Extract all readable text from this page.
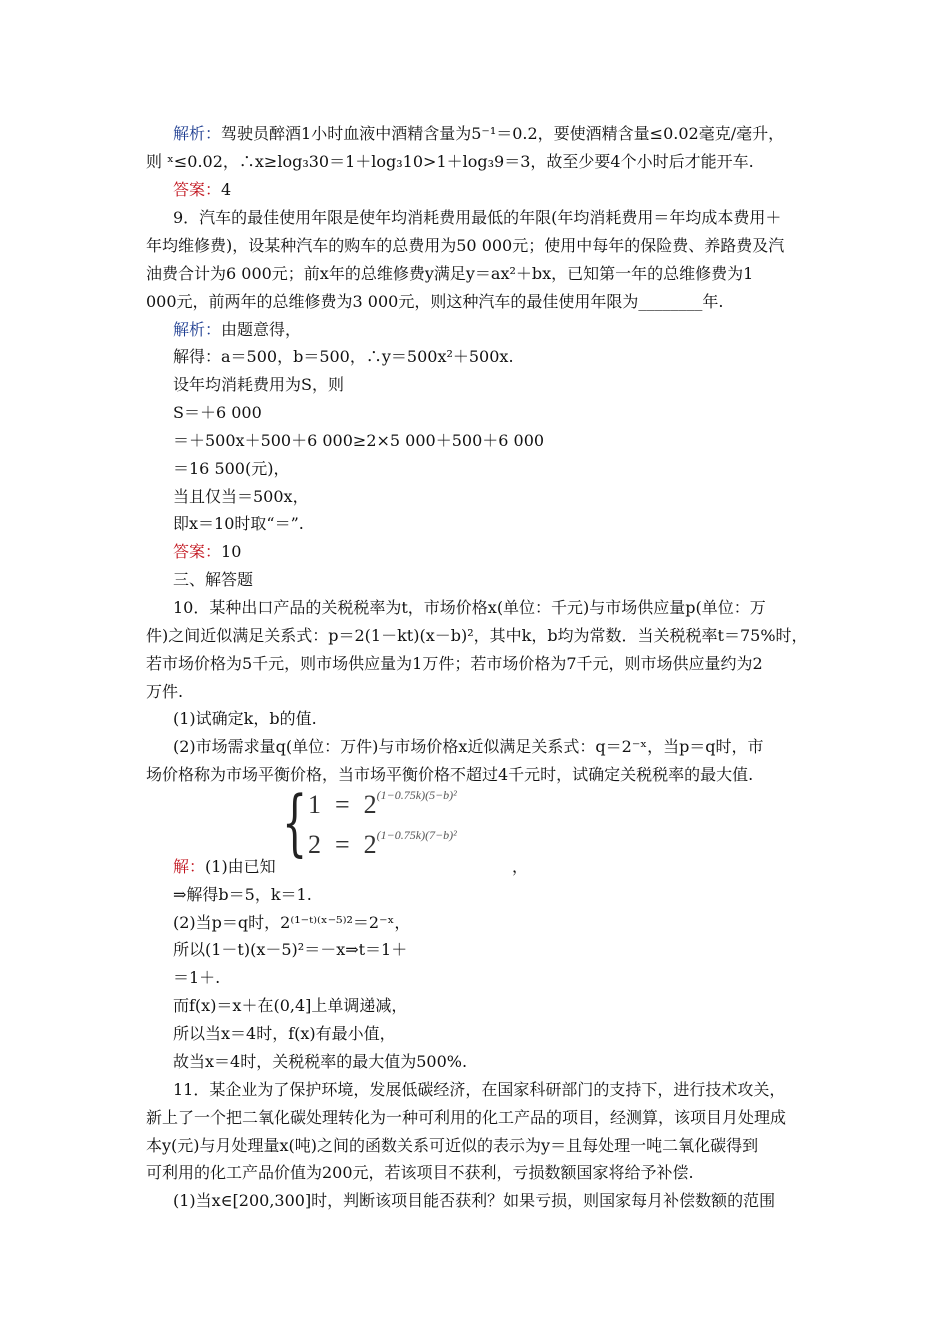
解析：驾驶员醉酒1小时血液中酒精含量为5⁻¹＝0.2，要使酒精含量≤0.02毫克/毫升，
则 ˣ≤0.02，∴x≥log₃30＝1＋log₃10>1＋log₃9＝3，故至少要4个小时后才能开车.
答案：4
9．汽车的最佳使用年限是使年均消耗费用最低的年限(年均消耗费用＝年均成本费用＋
年均维修费)，设某种汽车的购车的总费用为50 000元；使用中每年的保险费、养路费及汽
油费合计为6 000元；前x年的总维修费y满足y＝ax²＋bx，已知第一年的总维修费为1
000元，前两年的总维修费为3 000元，则这种汽车的最佳使用年限为________年.
解析：由题意得，
解得：a＝500，b＝500，∴y＝500x²＋500x.
设年均消耗费用为S，则
S＝＋6 000
＝＋500x＋500＋6 000≥2×5 000＋500＋6 000
＝16 500(元)，
当且仅当＝500x，
即x＝10时取“＝”.
答案：10
三、解答题
10．某种出口产品的关税税率为t，市场价格x(单位：千元)与市场供应量p(单位：万
件)之间近似满足关系式：p＝2(1－kt)(x－b)²，其中k，b均为常数．当关税税率t＝75%时，
若市场价格为5千元，则市场供应量为1万件；若市场价格为7千元，则市场供应量约为2
万件.
(1)试确定k，b的值.
(2)市场需求量q(单位：万件)与市场价格x近似满足关系式：q＝2⁻ˣ，当p＝q时，市
场价格称为市场平衡价格，当市场平衡价格不超过4千元时，试确定关税税率的最大值.
{ $1 = 2^{(1-0.75k)(5-b)^2}$
$2 = 2^{(1-0.75k)(7-b)^2}$
解：(1)由已知	，
⇒解得b＝5，k＝1.
(2)当p＝q时，2⁽¹⁻ᵗ⁾⁽ˣ⁻⁵⁾²＝2⁻ˣ，
所以(1－t)(x－5)²＝－x⇒t＝1＋
＝1＋.
而f(x)＝x＋在(0,4]上单调递减，
所以当x＝4时，f(x)有最小值，
故当x＝4时，关税税率的最大值为500%.
11．某企业为了保护环境，发展低碳经济，在国家科研部门的支持下，进行技术攻关，
新上了一个把二氧化碳处理转化为一种可利用的化工产品的项目，经测算，该项目月处理成
本y(元)与月处理量x(吨)之间的函数关系可近似的表示为y＝且每处理一吨二氧化碳得到
可利用的化工产品价值为200元，若该项目不获利，亏损数额国家将给予补偿.
(1)当x∈[200,300]时，判断该项目能否获利？如果亏损，则国家每月补偿数额的范围
